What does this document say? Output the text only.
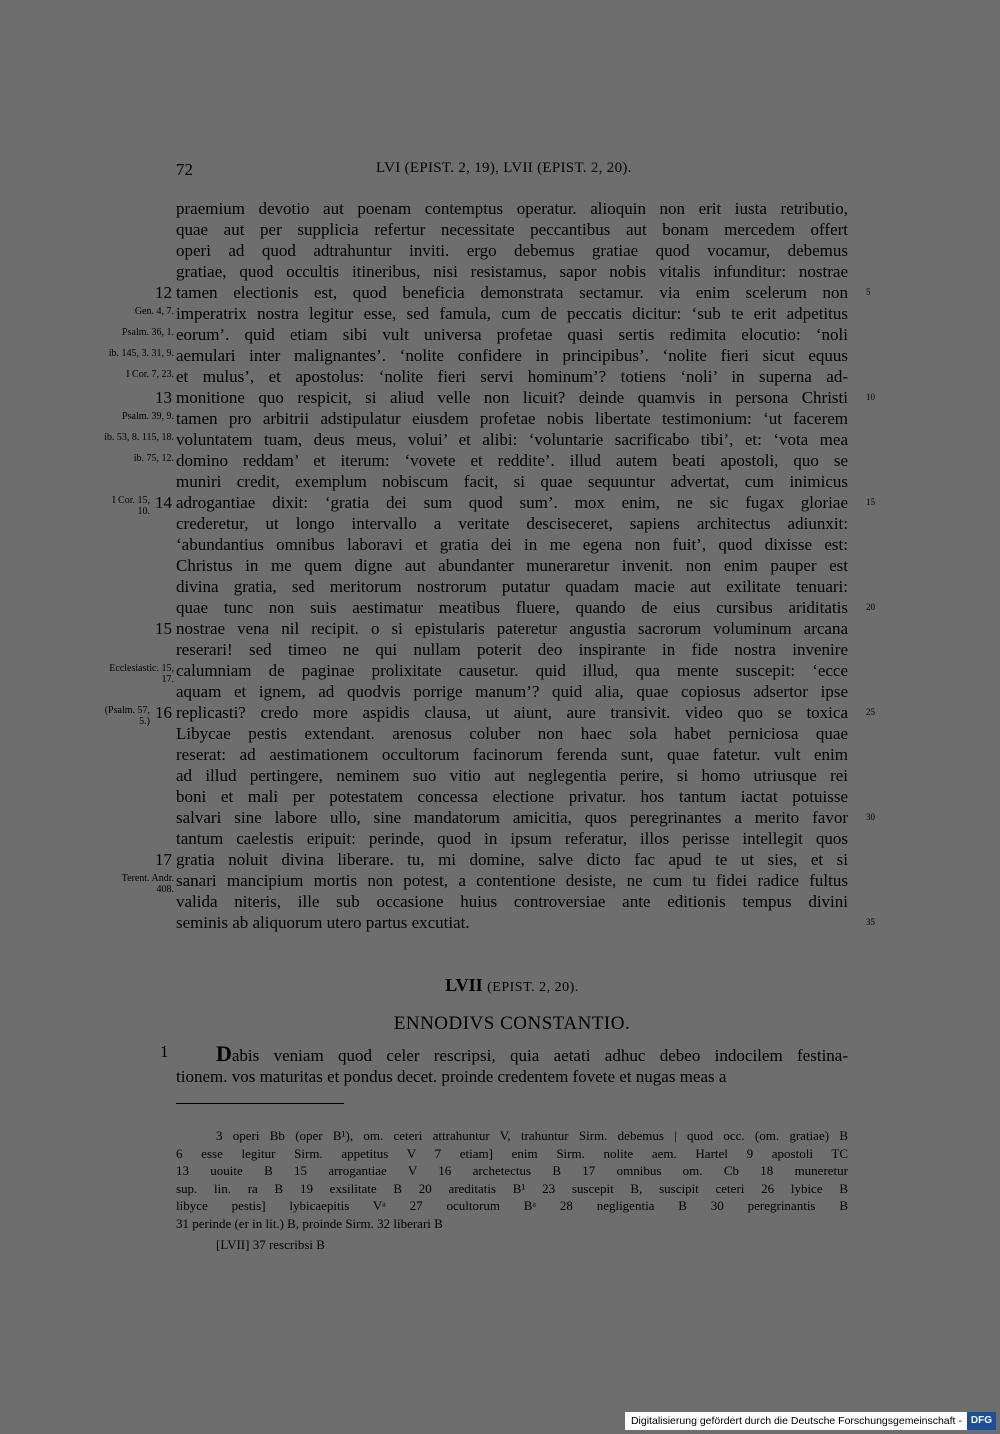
72	LVI (EPIST. 2, 19), LVII (EPIST. 2, 20).
praemium devotio aut poenam contemptus operatur. alioquin non erit iusta retributio,
quae aut per supplicia refertur necessitate peccantibus aut bonam mercedem offert
operi ad quod adtrahuntur inviti. ergo debemus gratiae quod vocamur, debemus
gratiae, quod occultis itineribus, nisi resistamus, sapor nobis vitalis infunditur: nostrae
tamen electionis est, quod beneficia demonstrata sectamur. via enim scelerum non
12	5
imperatrix nostra legitur esse, sed famula, cum de peccatis dicitur: ‘sub te erit adpetitus
Gen. 4, 7.
eorum’. quid etiam sibi vult universa profetae quasi sertis redimita elocutio: ‘noli
Psalm. 36, 1.
aemulari inter malignantes’. ‘nolite confidere in principibus’. ‘nolite fieri sicut equus
ib. 145, 3. 31, 9.
et mulus’, et apostolus: ‘nolite fieri servi hominum’? totiens ‘noli’ in superna ad-
I Cor. 7, 23.
monitione quo respicit, si aliud velle non licuit? deinde quamvis in persona Christi
13	10
tamen pro arbitrii adstipulatur eiusdem profetae nobis libertate testimonium: ‘ut facerem
Psalm. 39, 9.
voluntatem tuam, deus meus, volui’ et alibi: ‘voluntarie sacrificabo tibi’, et: ‘vota mea
ib. 53, 8. 115, 18.
domino reddam’ et iterum: ‘vovete et reddite’. illud autem beati apostoli, quo se
ib. 75, 12.
muniri credit, exemplum nobiscum facit, si quae sequuntur advertat, cum inimicus
adrogantiae dixit: ‘gratia dei sum quod sum’. mox enim, ne sic fugax gloriae
14
I Cor. 15, 10.
15
crederetur, ut longo intervallo a veritate desciseceret, sapiens architectus adiunxit:
‘abundantius omnibus laboravi et gratia dei in me egena non fuit’, quod dixisse est:
Christus in me quem digne aut abundanter muneraretur invenit. non enim pauper est
divina gratia, sed meritorum nostrorum putatur quadam macie aut exilitate tenuari:
quae tunc non suis aestimatur meatibus fluere, quando de eius cursibus ariditatis 20
nostrae vena nil recipit. o si epistularis pateretur angustia sacrorum voluminum arcana
15
reserari! sed timeo ne qui nullam poterit deo inspirante in fide nostra invenire
calumniam de paginae prolixitate causetur. quid illud, qua mente suscepit: ‘ecce
Ecclesiastic. 15, 17.
aquam et ignem, ad quodvis porrige manum’? quid alia, quae copiosus adsertor ipse
replicasti? credo more aspidis clausa, ut aiunt, aure transivit. video quo se toxica
16
(Psalm. 57, 5.)
25
Libycae pestis extendant. arenosus coluber non haec sola habet perniciosa quae
reserat: ad aestimationem occultorum facinorum ferenda sunt, quae fatetur. vult enim
ad illud pertingere, neminem suo vitio aut neglegentia perire, si homo utriusque rei
boni et mali per potestatem concessa electione privatur. hos tantum iactat potuisse
salvari sine labore ullo, sine mandatorum amicitia, quos peregrinantes a merito favor 30
tantum caelestis eripuit: perinde, quod in ipsum referatur, illos perisse intellegit quos
gratia noluit divina liberare. tu, mi domine, salve dicto fac apud te ut sies, et si
17
sanari mancipium mortis non potest, a contentione desiste, ne cum tu fidei radice fultus
Terent. Andr. 408.
valida niteris, ille sub occasione huius controversiae ante editionis tempus divini
seminis ab aliquorum utero partus excutiat.	35
LVII (EPIST. 2, 20).
ENNODIVS CONSTANTIO.
1	Dabis veniam quod celer rescripsi, quia aetati adhuc debeo indocilem festina-
tionem. vos maturitas et pondus decet. proinde credentem fovete et nugas meas a
3 operi Bb (oper B¹), om. ceteri attrahuntur V, trahuntur Sirm. debemus | quod occ. (om. gratiae) B
6 esse legitur Sirm. appetitus V 7 etiam] enim Sirm. nolite aem. Hartel 9 apostoli TC
13 uouite B 15 arrogantiae V 16 archetectus B 17 omnibus om. Cb 18 muneretur
sup. lin. ra B 19 exsilitate B 20 areditatis B¹ 23 suscepit B, suscipit ceteri 26 lybice B
libyce pestis] lybicaepitis Vᵃ 27 ocultorum Bᵃ 28 negligentia B 30 peregrinantis B
31 perinde (er in lit.) B, proinde Sirm. 32 liberari B
[LVII] 37 rescribsi B
Digitalisierung gefördert durch die Deutsche Forschungsgemeinschaft - DFG
